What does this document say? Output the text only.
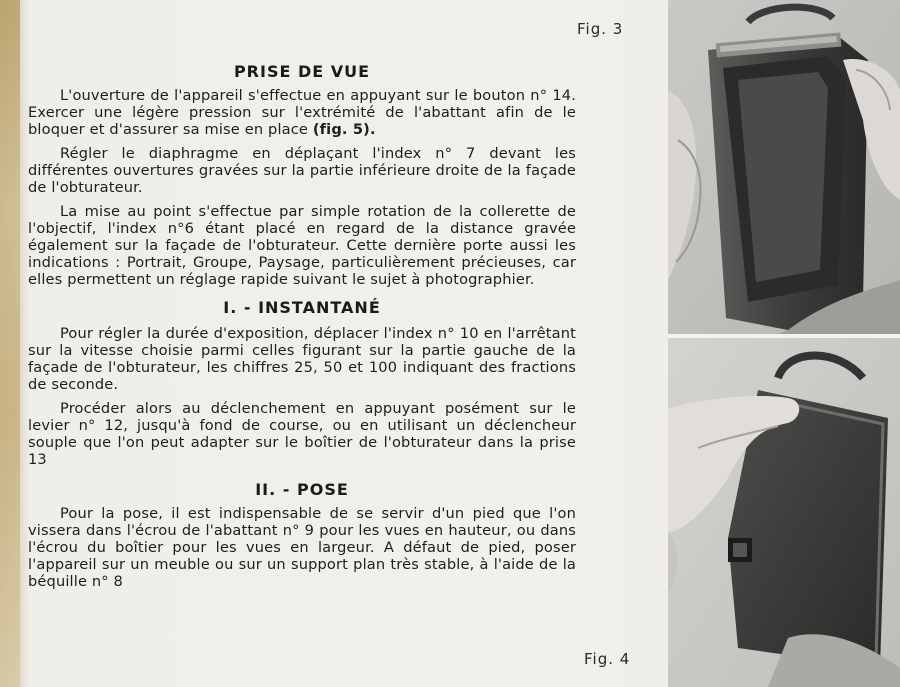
PRISE DE VUE

L'ouverture de l'appareil s'effectue en appuyant sur le bouton n° 14. Exercer une légère pression sur l'extrémité de l'abattant afin de le bloquer et d'assurer sa mise en place (fig. 5).

Régler le diaphragme en déplaçant l'index n° 7 devant les différentes ouvertures gravées sur la partie inférieure droite de la façade de l'obturateur.

La mise au point s'effectue par simple rotation de la collerette de l'objectif, l'index n°6 étant placé en regard de la distance gravée également sur la façade de l'obturateur. Cette dernière porte aussi les indications : Portrait, Groupe, Paysage, particulièrement précieuses, car elles permettent un réglage rapide suivant le sujet à photographier.

I. - INSTANTANÉ

Pour régler la durée d'exposition, déplacer l'index n° 10 en l'arrêtant sur la vitesse choisie parmi celles figurant sur la partie gauche de la façade de l'obturateur, les chiffres 25, 50 et 100 indiquant des fractions de seconde.

Procéder alors au déclenchement en appuyant posément sur le levier n° 12, jusqu'à fond de course, ou en utilisant un déclencheur souple que l'on peut adapter sur le boîtier de l'obturateur dans la prise 13

II. - POSE

Pour la pose, il est indispensable de se servir d'un pied que l'on vissera dans l'écrou de l'abattant n° 9 pour les vues en hauteur, ou dans l'écrou du boîtier pour les vues en largeur. A défaut de pied, poser l'appareil sur un meuble ou sur un support plan très stable, à l'aide de la béquille n° 8

Fig. 3
Fig. 4
